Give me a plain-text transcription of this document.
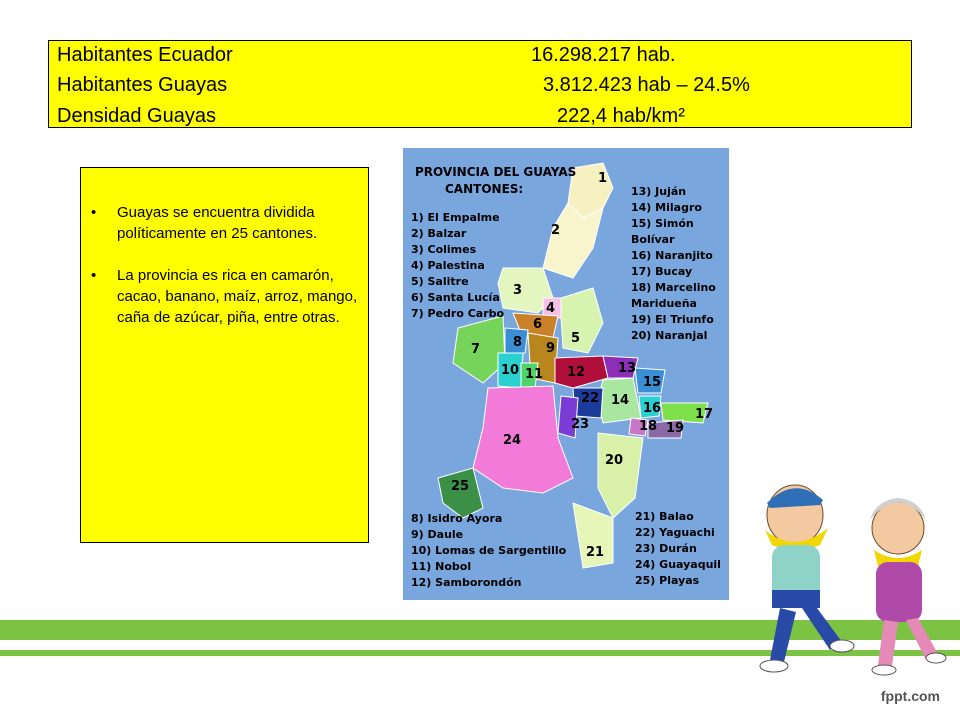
Habitantes Ecuador	16.298.217 hab.
Habitantes Guayas	3.812.423 hab – 24.5%
Densidad Guayas	222,4 hab/km²
• Guayas se encuentra dividida políticamente en 25 cantones.
• La provincia es rica en camarón, cacao, banano, maíz, arroz, mango, caña de azúcar, piña, entre otras.
1
2
3
4
5
6
7	8 9
10 11 12	13
14
15
16	17
18 19
20
21
22
23
24
25
PROVINCIA DEL GUAYAS
CANTONES:
1) El Empalme
2) Balzar
3) Colimes
4) Palestina
5) Salitre
6) Santa Lucía
7) Pedro Carbo
13) Juján
14) Milagro
15) Simón
Bolívar
16) Naranjito
17) Bucay
18) Marcelino
Maridueña
19) El Triunfo
20) Naranjal
8) Isidro Ayora
9) Daule
10) Lomas de Sargentillo
11) Nobol
12) Samborondón
21) Balao
22) Yaguachi
23) Durán
24) Guayaquil
25) Playas
fppt.com
